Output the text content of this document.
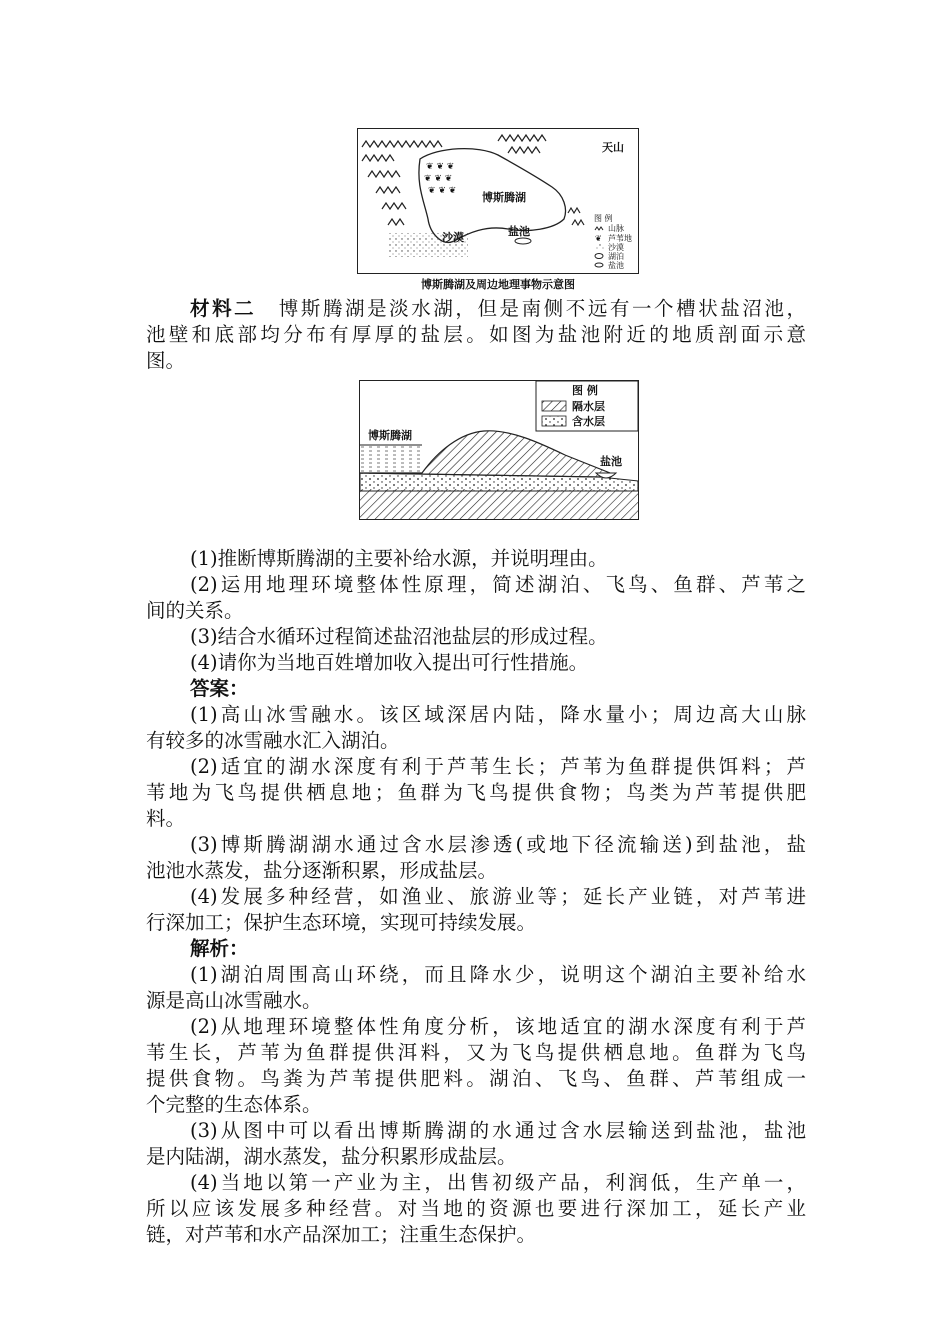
❦ ❦ ❦
❦ ❦ ❦
❦ ❦ ❦
天山
博斯腾湖
沙漠	盐池
图 例
山脉
❦ 芦苇地
沙漠
湖泊
盐池
博斯腾湖及周边地理事物示意图
材料二 博斯腾湖是淡水湖，但是南侧不远有一个槽状盐沼池，
池壁和底部均分布有厚厚的盐层。如图为盐池附近的地质剖面示意
图。
博斯腾湖
盐池
图 例
隔水层
含水层
(1)推断博斯腾湖的主要补给水源，并说明理由。
(2)运用地理环境整体性原理，简述湖泊、飞鸟、鱼群、芦苇之
间的关系。
(3)结合水循环过程简述盐沼池盐层的形成过程。
(4)请你为当地百姓增加收入提出可行性措施。
答案：
(1)高山冰雪融水。该区域深居内陆，降水量小；周边高大山脉
有较多的冰雪融水汇入湖泊。
(2)适宜的湖水深度有利于芦苇生长；芦苇为鱼群提供饵料；芦
苇地为飞鸟提供栖息地；鱼群为飞鸟提供食物；鸟类为芦苇提供肥
料。
(3)博斯腾湖湖水通过含水层渗透(或地下径流输送)到盐池，盐
池池水蒸发，盐分逐渐积累，形成盐层。
(4)发展多种经营，如渔业、旅游业等；延长产业链，对芦苇进
行深加工；保护生态环境，实现可持续发展。
解析：
(1)湖泊周围高山环绕，而且降水少，说明这个湖泊主要补给水
源是高山冰雪融水。
(2)从地理环境整体性角度分析，该地适宜的湖水深度有利于芦
苇生长，芦苇为鱼群提供洱料，又为飞鸟提供栖息地。鱼群为飞鸟
提供食物。鸟粪为芦苇提供肥料。湖泊、飞鸟、鱼群、芦苇组成一
个完整的生态体系。
(3)从图中可以看出博斯腾湖的水通过含水层输送到盐池，盐池
是内陆湖，湖水蒸发，盐分积累形成盐层。
(4)当地以第一产业为主，出售初级产品，利润低，生产单一，
所以应该发展多种经营。对当地的资源也要进行深加工，延长产业
链，对芦苇和水产品深加工；注重生态保护。
